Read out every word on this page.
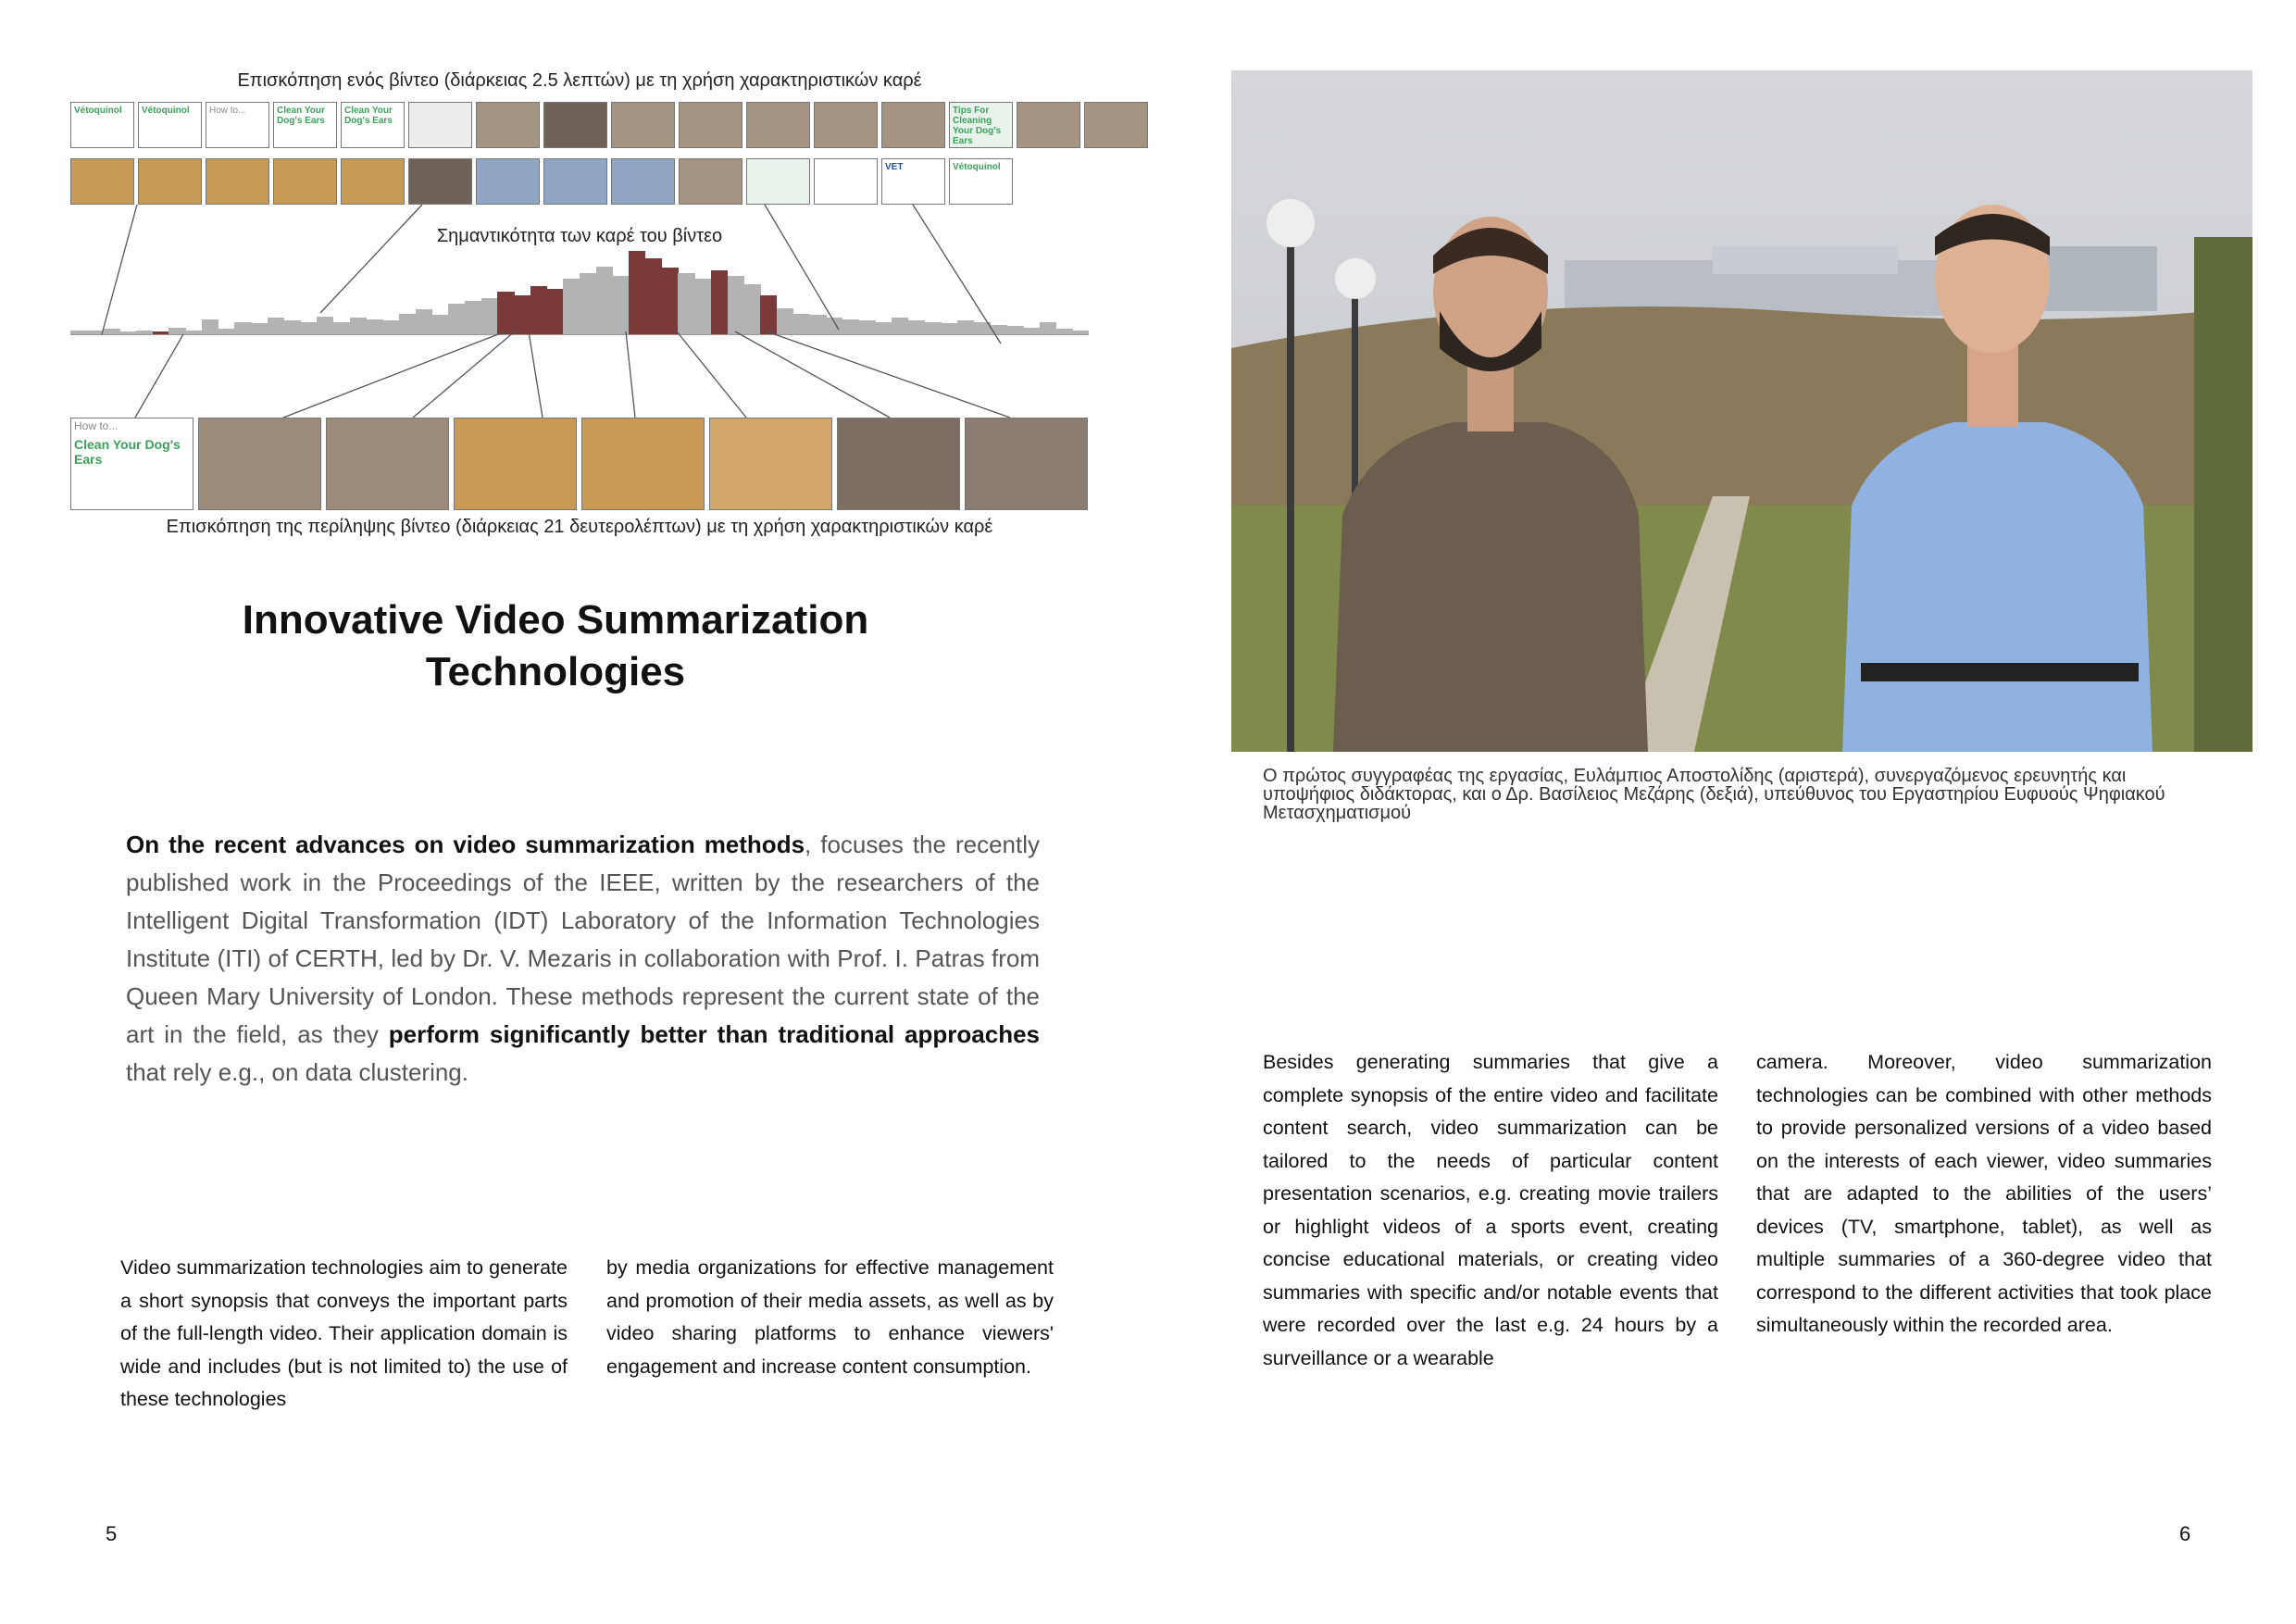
Επισκόπηση ενός βίντεο (διάρκειας 2.5 λεπτών) με τη χρήση χαρακτηριστικών καρέ
Vétoquinol	Vétoquinol	How to...	Clean Your Dog's Ears
Clean Your Dog's Ears
Tips For Cleaning Your Dog's Ears
VET	Vétoquinol
Σημαντικότητα των καρέ του βίντεο
How to...
Clean Your Dog's Ears
Επισκόπηση της περίληψης βίντεο (διάρκειας 21 δευτερολέπτων) με τη χρήση χαρακτηριστικών καρέ
Innovative Video Summarization
Technologies
On the recent advances on video summarization methods, focuses the recently published work in the Proceedings of the IEEE, written by the researchers of the Intelligent Digital Transformation (IDT) Laboratory of the Information Technologies Institute (ITI) of CERTH, led by Dr. V. Mezaris in collaboration with Prof. I. Patras from Queen Mary University of London. These methods represent the current state of the art in the field, as they perform significantly better than traditional approaches that rely e.g., on data clustering.
Video summarization technologies aim to generate a short synopsis that conveys the important parts of the full-length video. Their application domain is wide and includes (but is not limited to) the use of these technologies
by media organizations for effective management and promotion of their media assets, as well as by video sharing platforms to enhance viewers' engagement and increase content consumption.
5
Ο πρώτος συγγραφέας της εργασίας, Ευλάμπιος Αποστολίδης (αριστερά), συνεργαζόμενος ερευνητής και υποψήφιος διδάκτορας, και ο Δρ. Βασίλειος Μεζάρης (δεξιά), υπεύθυνος του Εργαστηρίου Ευφυούς Ψηφιακού Μετασχηματισμού
Besides generating summaries that give a complete synopsis of the entire video and facilitate content search, video summarization can be tailored to the needs of particular content presentation scenarios, e.g. creating movie trailers or highlight videos of a sports event, creating concise educational materials, or creating video summaries with specific and/or notable events that were recorded over the last e.g. 24 hours by a surveillance or a wearable
camera. Moreover, video summarization technologies can be combined with other methods to provide personalized versions of a video based on the interests of each viewer, video summaries that are adapted to the abilities of the users’ devices (TV, smartphone, tablet), as well as multiple summaries of a 360-degree video that correspond to the different activities that took place simultaneously within the recorded area.
6
